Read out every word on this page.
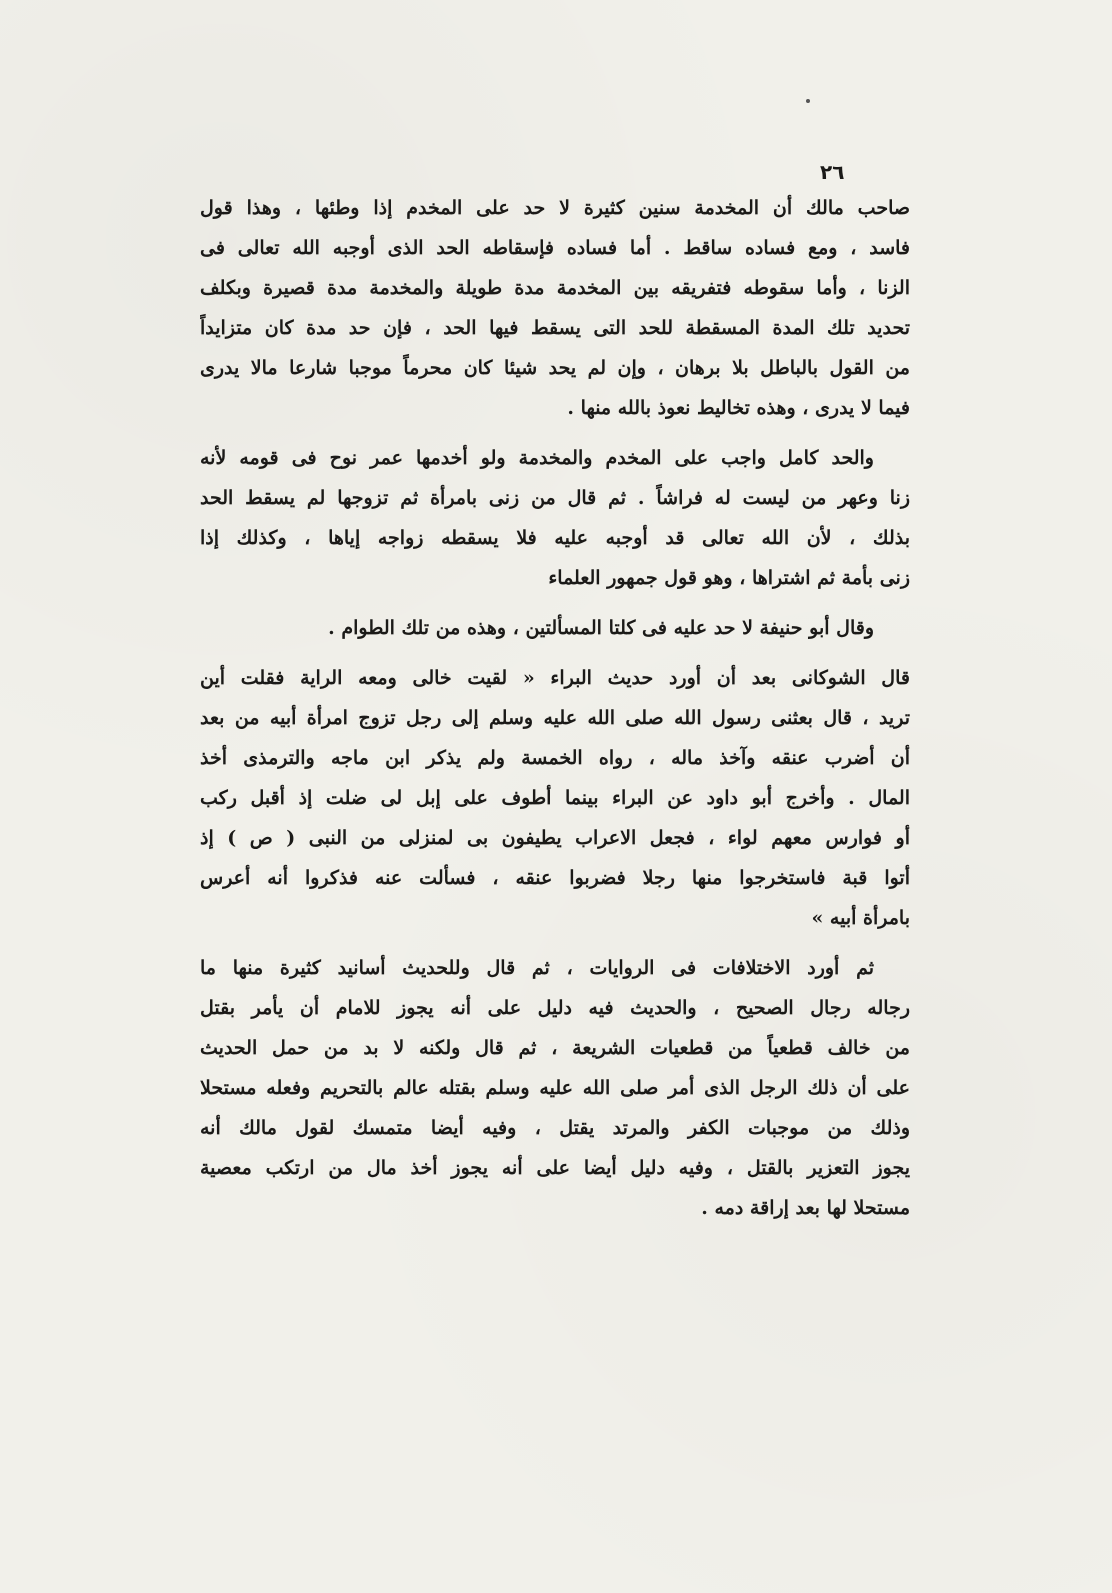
٢٦
صاحب مالك أن المخدمة سنين كثيرة لا حد على المخدم إذا وطئها ، وهذا قول
فاسد ، ومع فساده ساقط . أما فساده فإسقاطه الحد الذى أوجبه الله تعالى فى
الزنا ، وأما سقوطه فتفريقه بين المخدمة مدة طويلة والمخدمة مدة قصيرة وبكلف
تحديد تلك المدة المسقطة للحد التى يسقط فيها الحد ، فإن حد مدة كان متزايداً
من القول بالباطل بلا برهان ، وإن لم يحد شيئا كان محرماً موجبا شارعا مالا يدرى
فيما لا يدرى ، وهذه تخاليط نعوذ بالله منها .
والحد كامل واجب على المخدم والمخدمة ولو أخدمها عمر نوح فى قومه لأنه
زنا وعهر من ليست له فراشاً . ثم قال من زنى بامرأة ثم تزوجها لم يسقط الحد
بذلك ، لأن الله تعالى قد أوجبه عليه فلا يسقطه زواجه إياها ، وكذلك إذا
زنى بأمة ثم اشتراها ، وهو قول جمهور العلماء
وقال أبو حنيفة لا حد عليه فى كلتا المسألتين ، وهذه من تلك الطوام .
قال الشوكانى بعد أن أورد حديث البراء « لقيت خالى ومعه الراية فقلت أين
تريد ، قال بعثنى رسول الله صلى الله عليه وسلم إلى رجل تزوج امرأة أبيه من بعد
أن أضرب عنقه وآخذ ماله ، رواه الخمسة ولم يذكر ابن ماجه والترمذى أخذ
المال . وأخرج أبو داود عن البراء بينما أطوف على إبل لى ضلت إذ أقبل ركب
أو فوارس معهم لواء ، فجعل الاعراب يطيفون بى لمنزلى من النبى ( ص ) إذ
أتوا قبة فاستخرجوا منها رجلا فضربوا عنقه ، فسألت عنه فذكروا أنه أعرس
بامرأة أبيه »
ثم أورد الاختلافات فى الروايات ، ثم قال وللحديث أسانيد كثيرة منها ما
رجاله رجال الصحيح ، والحديث فيه دليل على أنه يجوز للامام أن يأمر بقتل
من خالف قطعياً من قطعيات الشريعة ، ثم قال ولكنه لا بد من حمل الحديث
على أن ذلك الرجل الذى أمر صلى الله عليه وسلم بقتله عالم بالتحريم وفعله مستحلا
وذلك من موجبات الكفر والمرتد يقتل ، وفيه أيضا متمسك لقول مالك أنه
يجوز التعزير بالقتل ، وفيه دليل أيضا على أنه يجوز أخذ مال من ارتكب معصية
مستحلا لها بعد إراقة دمه .
